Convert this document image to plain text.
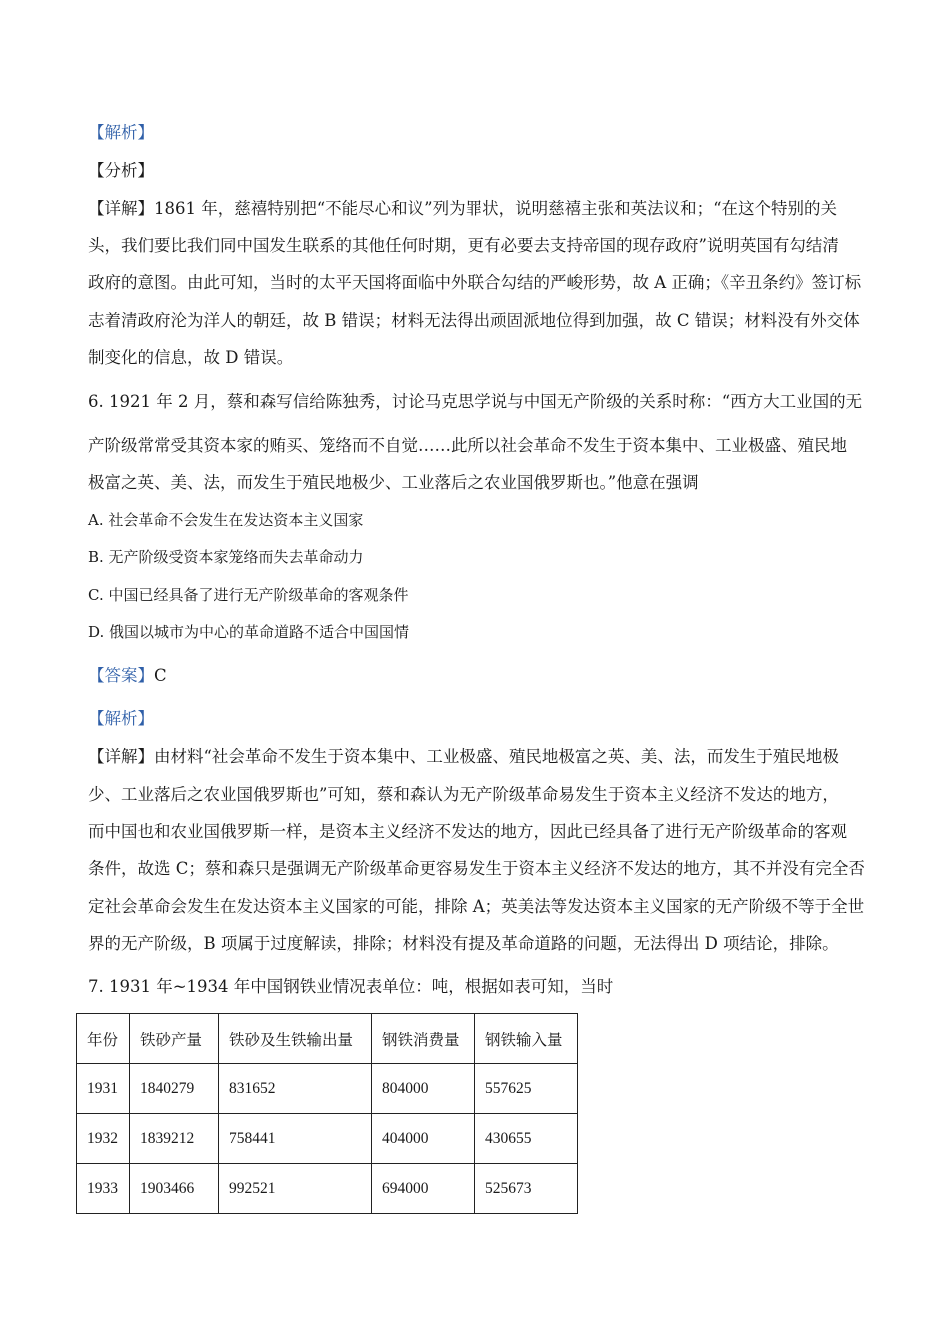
【解析】
【分析】
【详解】1861 年，慈禧特别把“不能尽心和议”列为罪状，说明慈禧主张和英法议和；“在这个特别的关
头，我们要比我们同中国发生联系的其他任何时期，更有必要去支持帝国的现存政府”说明英国有勾结清
政府的意图。由此可知，当时的太平天国将面临中外联合勾结的严峻形势，故 A 正确；《辛丑条约》签订标
志着清政府沦为洋人的朝廷，故 B 错误；材料无法得出顽固派地位得到加强，故 C 错误；材料没有外交体
制变化的信息，故 D 错误。
6. 1921 年 2 月，蔡和森写信给陈独秀，讨论马克思学说与中国无产阶级的关系时称：“西方大工业国的无
产阶级常常受其资本家的贿买、笼络而不自觉……此所以社会革命不发生于资本集中、工业极盛、殖民地
极富之英、美、法，而发生于殖民地极少、工业落后之农业国俄罗斯也。”他意在强调
A. 社会革命不会发生在发达资本主义国家
B. 无产阶级受资本家笼络而失去革命动力
C. 中国已经具备了进行无产阶级革命的客观条件
D. 俄国以城市为中心的革命道路不适合中国国情
【答案】C
【解析】
【详解】由材料“社会革命不发生于资本集中、工业极盛、殖民地极富之英、美、法，而发生于殖民地极
少、工业落后之农业国俄罗斯也”可知，蔡和森认为无产阶级革命易发生于资本主义经济不发达的地方，
而中国也和农业国俄罗斯一样，是资本主义经济不发达的地方，因此已经具备了进行无产阶级革命的客观
条件，故选 C；蔡和森只是强调无产阶级革命更容易发生于资本主义经济不发达的地方，其不并没有完全否
定社会革命会发生在发达资本主义国家的可能，排除 A；英美法等发达资本主义国家的无产阶级不等于全世
界的无产阶级，B 项属于过度解读，排除；材料没有提及革命道路的问题，无法得出 D 项结论，排除。
7. 1931 年~1934 年中国钢铁业情况表单位：吨，根据如表可知，当时
年份	铁砂产量	铁砂及生铁输出量	钢铁消费量	钢铁输入量
1931	1840279	831652	804000	557625
1932	1839212	758441	404000	430655
1933	1903466	992521	694000	525673
